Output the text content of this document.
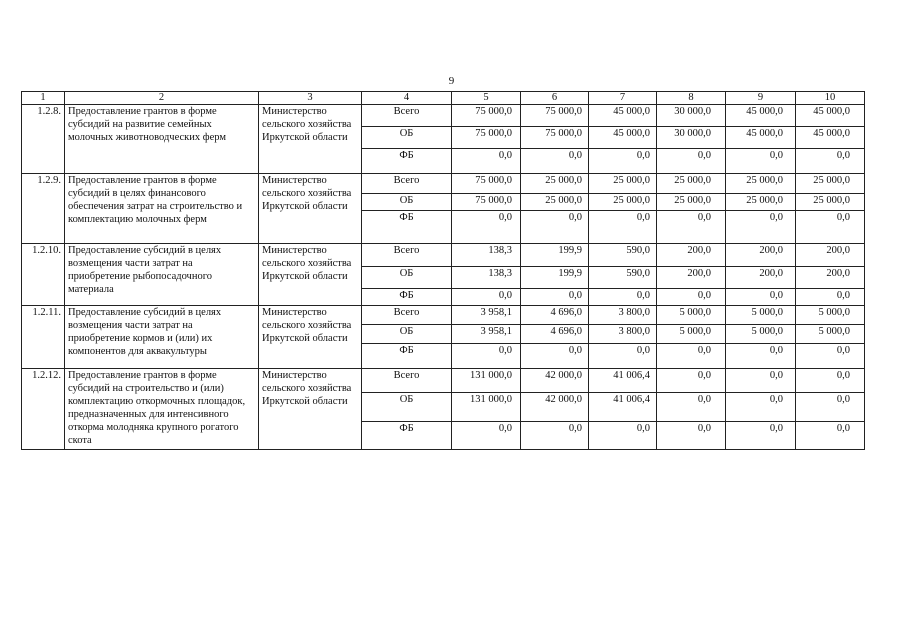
9
1	2	3	4	5	6	7	8	9	10
1.2.8.	Предоставление грантов в форме субсидий на развитие семейных молочных животноводческих ферм	Министерство сельского хозяйства Иркутской области	Всего	75 000,0	75 000,0	45 000,0	30 000,0	45 000,0	45 000,0
			ОБ	75 000,0	75 000,0	45 000,0	30 000,0	45 000,0	45 000,0
			ФБ	0,0	0,0	0,0	0,0	0,0	0,0
1.2.9.	Предоставление грантов в форме субсидий в целях финансового обеспечения затрат на строительство и комплектацию молочных ферм	Министерство сельского хозяйства Иркутской области	Всего	75 000,0	25 000,0	25 000,0	25 000,0	25 000,0	25 000,0
			ОБ	75 000,0	25 000,0	25 000,0	25 000,0	25 000,0	25 000,0
			ФБ	0,0	0,0	0,0	0,0	0,0	0,0
1.2.10.	Предоставление субсидий в целях возмещения части затрат на приобретение рыбопосадочного материала	Министерство сельского хозяйства Иркутской области	Всего	138,3	199,9	590,0	200,0	200,0	200,0
			ОБ	138,3	199,9	590,0	200,0	200,0	200,0
			ФБ	0,0	0,0	0,0	0,0	0,0	0,0
1.2.11.	Предоставление субсидий в целях возмещения части затрат на приобретение кормов и (или) их компонентов для аквакультуры	Министерство сельского хозяйства Иркутской области	Всего	3 958,1	4 696,0	3 800,0	5 000,0	5 000,0	5 000,0
			ОБ	3 958,1	4 696,0	3 800,0	5 000,0	5 000,0	5 000,0
			ФБ	0,0	0,0	0,0	0,0	0,0	0,0
1.2.12.	Предоставление грантов в форме субсидий на строительство и (или) комплектацию откормочных площадок, предназначенных для интенсивного откорма молодняка крупного рогатого скота	Министерство сельского хозяйства Иркутской области	Всего	131 000,0	42 000,0	41 006,4	0,0	0,0	0,0
			ОБ	131 000,0	42 000,0	41 006,4	0,0	0,0	0,0
			ФБ	0,0	0,0	0,0	0,0	0,0	0,0
